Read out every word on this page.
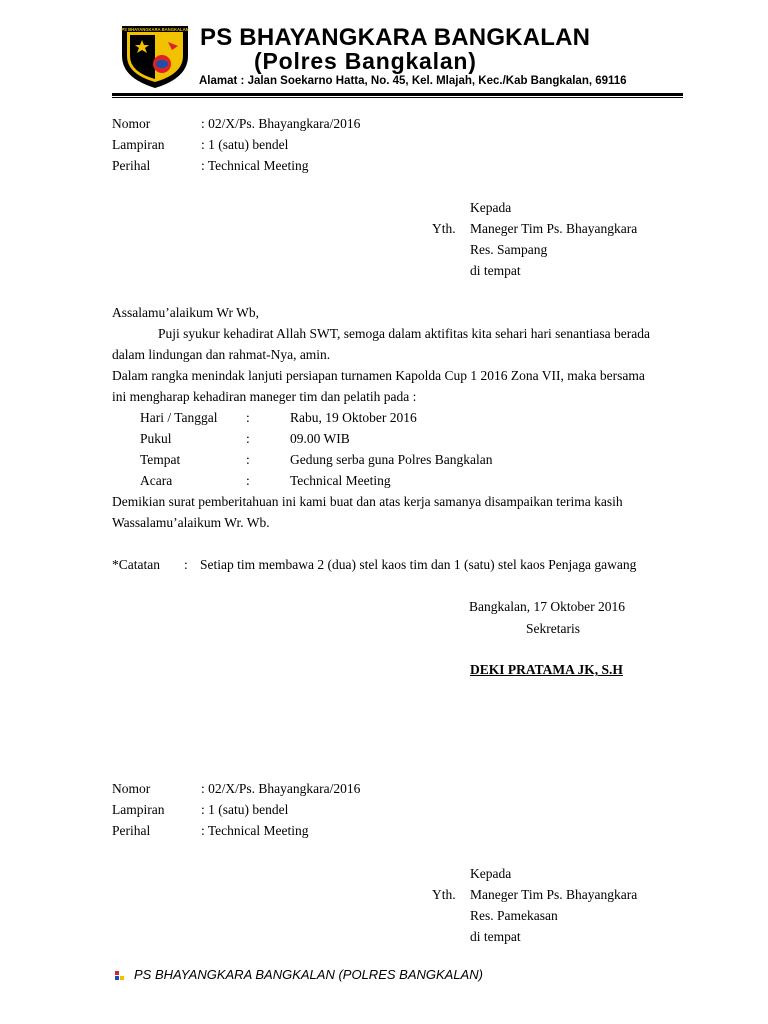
PS BHAYANGKARA BANGKALAN PS BHAYANGKARA BANGKALAN
(Polres Bangkalan)
Alamat : Jalan Soekarno Hatta, No. 45, Kel. Mlajah, Kec./Kab Bangkalan, 69116
Nomor	: 02/X/Ps. Bhayangkara/2016
Lampiran	: 1 (satu) bendel
Perihal	: Technical Meeting
Kepada
Yth. Maneger Tim Ps. Bhayangkara
Res. Sampang
di tempat
Assalamu’alaikum Wr Wb,
Puji syukur kehadirat Allah SWT, semoga dalam aktifitas kita sehari hari senantiasa berada
dalam lindungan dan rahmat-Nya, amin.
Dalam rangka menindak lanjuti persiapan turnamen Kapolda Cup 1 2016 Zona VII, maka bersama
ini mengharap kehadiran maneger tim dan pelatih pada :
Hari / Tanggal :	Rabu, 19 Oktober 2016
Pukul	:	09.00 WIB
Tempat	:	Gedung serba guna Polres Bangkalan
Acara	:	Technical Meeting
Demikian surat pemberitahuan ini kami buat dan atas kerja samanya disampaikan terima kasih
Wassalamu’alaikum Wr. Wb.
*Catatan : Setiap tim membawa 2 (dua) stel kaos tim dan 1 (satu) stel kaos Penjaga gawang
Bangkalan, 17 Oktober 2016
Sekretaris
DEKI PRATAMA JK, S.H
Nomor	: 02/X/Ps. Bhayangkara/2016
Lampiran	: 1 (satu) bendel
Perihal	: Technical Meeting
Kepada
Yth. Maneger Tim Ps. Bhayangkara
Res. Pamekasan
di tempat
PS BHAYANGKARA BANGKALAN (POLRES BANGKALAN)
